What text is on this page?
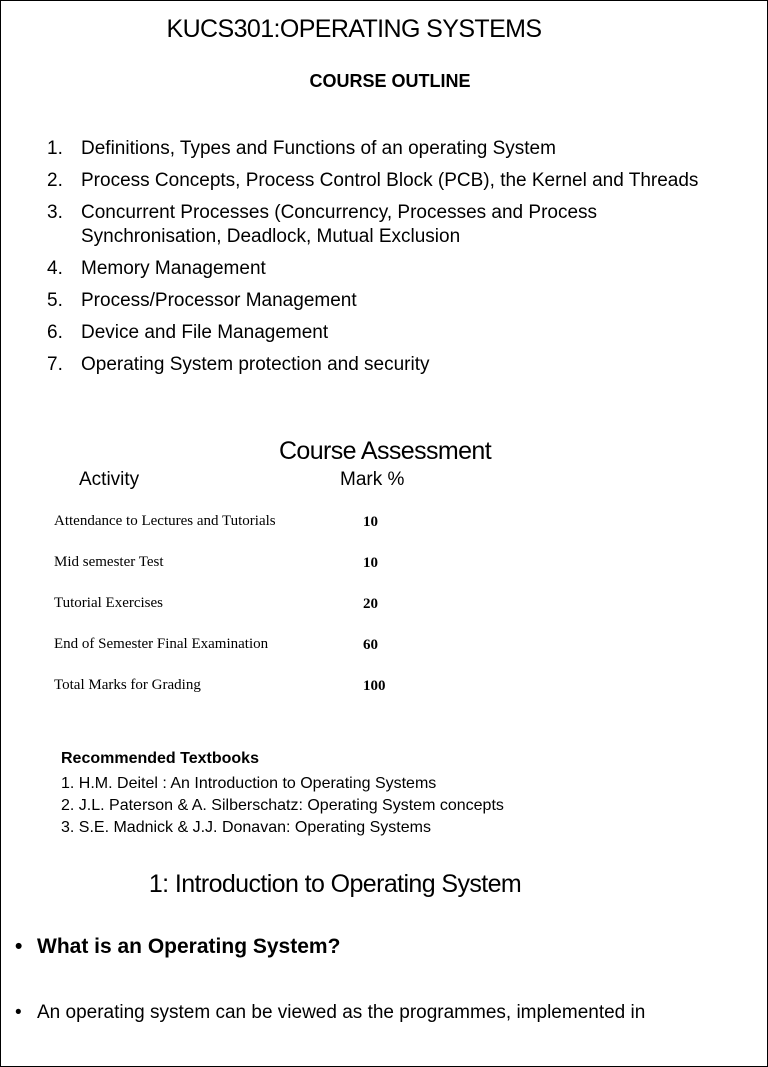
KUCS301:OPERATING SYSTEMS
COURSE OUTLINE
1. Definitions, Types and Functions of an operating System
2. Process Concepts, Process Control Block (PCB), the Kernel and Threads
3. Concurrent Processes (Concurrency, Processes and Process Synchronisation, Deadlock, Mutual Exclusion
4. Memory Management
5. Process/Processor Management
6. Device and File Management
7. Operating System protection and security
Course Assessment
Activity	Mark %
Attendance to Lectures and Tutorials	10
Mid semester Test	10
Tutorial Exercises	20
End of Semester Final Examination	60
Total Marks for Grading	100
Recommended Textbooks
1. H.M. Deitel : An Introduction to Operating Systems
2. J.L. Paterson & A. Silberschatz: Operating System concepts
3. S.E. Madnick & J.J. Donavan: Operating Systems
1: Introduction to Operating System
• What is an Operating System?
• An operating system can be viewed as the programmes, implemented in
